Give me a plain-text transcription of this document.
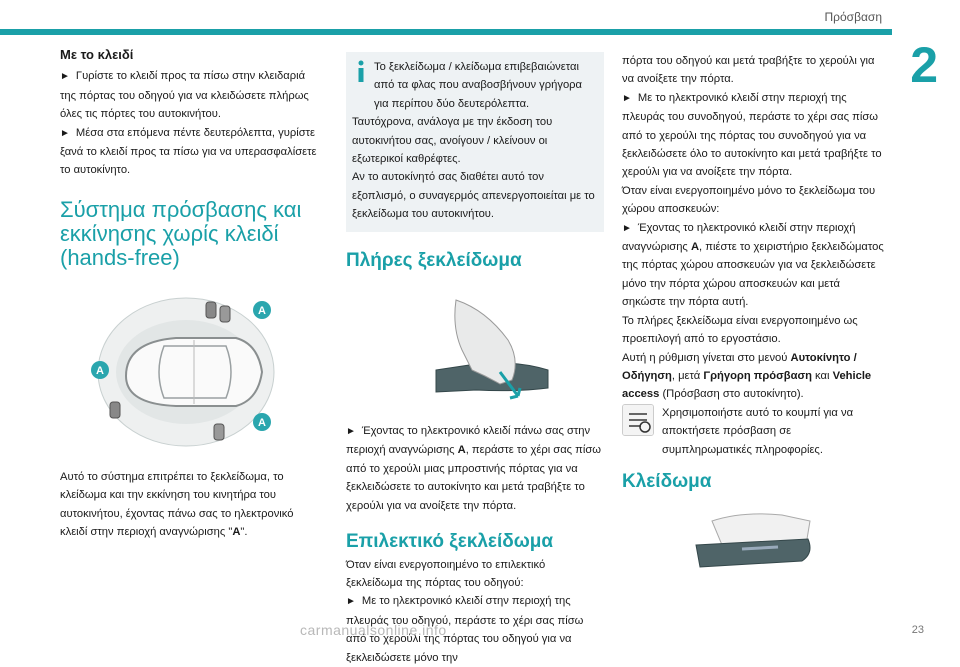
Πρόσβαση
2
Με το κλειδί

► Γυρίστε το κλειδί προς τα πίσω στην κλειδαριά της πόρτας του οδηγού για να κλειδώσετε πλήρως όλες τις πόρτες του αυτοκινήτου.

► Μέσα στα επόμενα πέντε δευτερόλεπτα, γυρίστε ξανά το κλειδί προς τα πίσω για να υπερασφαλίσετε το αυτοκίνητο.

Σύστημα πρόσβασης και εκκίνησης χωρίς κλειδί (hands-free)
A
A
A

Αυτό το σύστημα επιτρέπει το ξεκλείδωμα, το κλείδωμα και την εκκίνηση του κινητήρα του αυτοκινήτου, έχοντας πάνω σας το ηλεκτρονικό κλειδί στην περιοχή αναγνώρισης "A".

Το ξεκλείδωμα / κλείδωμα επιβεβαιώνεται από τα φλας που αναβοσβήνουν γρήγορα για περίπου δύο δευτερόλεπτα.

Ταυτόχρονα, ανάλογα με την έκδοση του αυτοκινήτου σας, ανοίγουν / κλείνουν οι εξωτερικοί καθρέφτες.

Αν το αυτοκίνητό σας διαθέτει αυτό τον εξοπλισμό, ο συναγερμός απενεργοποιείται με το ξεκλείδωμα του αυτοκινήτου.

Πλήρες ξεκλείδωμα

► Έχοντας το ηλεκτρονικό κλειδί πάνω σας στην περιοχή αναγνώρισης A, περάστε το χέρι σας πίσω από το χερούλι μιας μπροστινής πόρτας για να ξεκλειδώσετε το αυτοκίνητο και μετά τραβήξτε το χερούλι για να ανοίξετε την πόρτα.

Επιλεκτικό ξεκλείδωμα

Όταν είναι ενεργοποιημένο το επιλεκτικό ξεκλείδωμα της πόρτας του οδηγού:

► Με το ηλεκτρονικό κλειδί στην περιοχή της πλευράς του οδηγού, περάστε το χέρι σας πίσω από το χερούλι της πόρτας του οδηγού για να ξεκλειδώσετε μόνο την

πόρτα του οδηγού και μετά τραβήξτε το χερούλι για να ανοίξετε την πόρτα.

► Με το ηλεκτρονικό κλειδί στην περιοχή της πλευράς του συνοδηγού, περάστε το χέρι σας πίσω από το χερούλι της πόρτας του συνοδηγού για να ξεκλειδώσετε όλο το αυτοκίνητο και μετά τραβήξτε το χερούλι για να ανοίξετε την πόρτα.

Όταν είναι ενεργοποιημένο μόνο το ξεκλείδωμα του χώρου αποσκευών:

► Έχοντας το ηλεκτρονικό κλειδί στην περιοχή αναγνώρισης A, πιέστε το χειριστήριο ξεκλειδώματος της πόρτας χώρου αποσκευών για να ξεκλειδώσετε μόνο την πόρτα χώρου αποσκευών και μετά σηκώστε την πόρτα αυτή.

Το πλήρες ξεκλείδωμα είναι ενεργοποιημένο ως προεπιλογή από το εργοστάσιο.

Αυτή η ρύθμιση γίνεται στο μενού Αυτοκίνητο / Οδήγηση, μετά Γρήγορη πρόσβαση και Vehicle access (Πρόσβαση στο αυτοκίνητο).

Χρησιμοποιήστε αυτό το κουμπί για να αποκτήσετε πρόσβαση σε συμπληρωματικές πληροφορίες.

Κλείδωμα
carmanualsonline.info	23
